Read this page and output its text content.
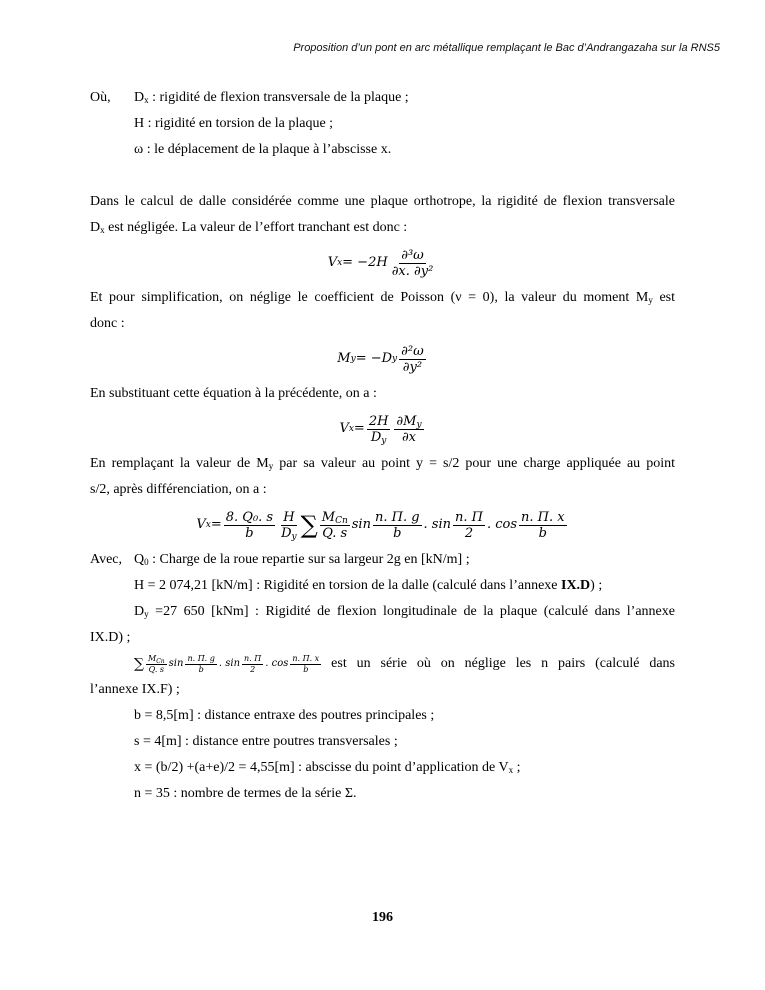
Proposition d’un pont en arc métallique remplaçant le Bac d’Andrangazaha sur la RNS5
Où, $D_x$ : rigidité de flexion transversale de la plaque ;
H : rigidité en torsion de la plaque ;
ω : le déplacement de la plaque à l’abscisse x.
Dans le calcul de dalle considérée comme une plaque orthotrope, la rigidité de flexion transversale
$D_x$ est négligée. La valeur de l’effort tranchant est donc :
V $x = -2H \frac{\text{∂³ω}}{\text{∂x. ∂y²}}$
Et pour simplification, on néglige le coefficient de Poisson (ν = 0), la valeur du moment $M_y$ est
donc :
M y = −D y $\frac{\text{∂²ω}}{\text{∂y²}}$
En substituant cette équation à la précédente, on a :
V $x = \frac{2H}{D_y} \frac{\partial M_y}{\partial x}$
En remplaçant la valeur de $M_y$ par sa valeur au point y = s/2 pour une charge appliquée au point
s/2, après différenciation, on a :
V $x = \frac{\text{8. Q₀. s}}{b} \frac{H}{D_y}$ ∑ $\frac{M_{Cn}}{Q. s}$ $\sin \frac{n. \Pi. g}{b}$ . $\sin \frac{n. \Pi}{2}$ . $\cos \frac{n. \Pi. x}{b}$
Avec, $Q_0$ : Charge de la roue repartie sur sa largeur 2g en [kN/m] ;
H = 2 074,21 [kN/m] : Rigidité en torsion de la dalle (calculé dans l’annexe IX.D) ;
$D_y =27$ 650 [kNm] : Rigidité de flexion longitudinale de la plaque (calculé dans l’annexe
IX.D) ;
∑ $\frac{M_{Cn}}{Q. s}$ $\sin \frac{n. \Pi. g}{b}$ . $\sin \frac{n. \Pi}{2}$ . $\cos \frac{n. \Pi. x}{b}$ est un série où on néglige les n pairs (calculé dans
l’annexe IX.F) ;
b = 8,5[m] : distance entraxe des poutres principales ;
s = 4[m] : distance entre poutres transversales ;
x = (b/2) +(a+e)/2 = 4,55[m] : abscisse du point d’application de $V_x$ ;
n = 35 : nombre de termes de la série Σ.
196
